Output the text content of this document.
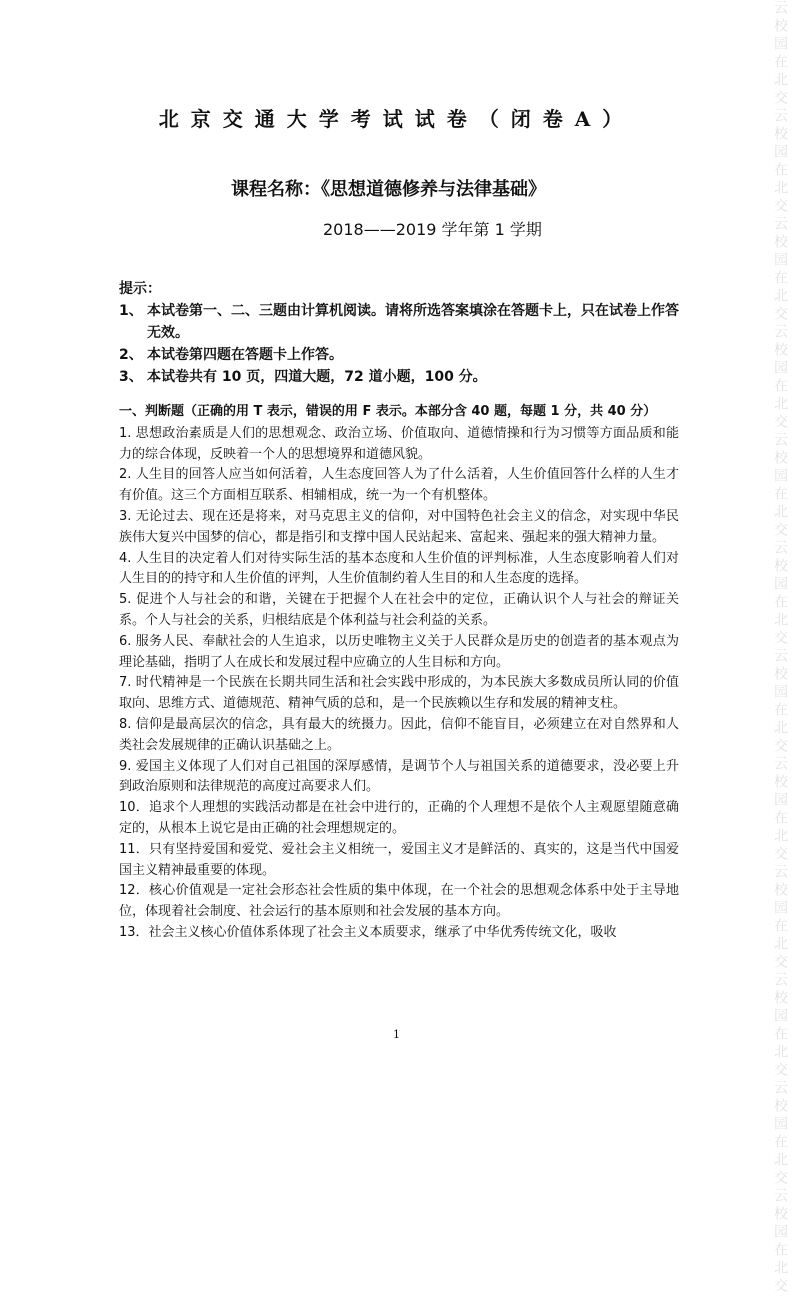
云校园在北交云校园在北交云校园在北交云校园在北交云校园在北交云校园在北交云校园在北交云校园在北交云校园在北交云校园在北交云校园在北交云校园在北交
北京交通大学考试试卷（闭卷A）
课程名称：《思想道德修养与法律基础》
2018——2019 学年第 1 学期
提示：
1、 本试卷第一、二、三题由计算机阅读。请将所选答案填涂在答题卡上，只在试卷上作答无效。
2、 本试卷第四题在答题卡上作答。
3、 本试卷共有 10 页，四道大题，72 道小题，100 分。

一、判断题（正确的用 T 表示，错误的用 F 表示。本部分含 40 题，每题 1 分，共 40 分）

1. 思想政治素质是人们的思想观念、政治立场、价值取向、道德情操和行为习惯等方面品质和能力的综合体现，反映着一个人的思想境界和道德风貌。

2. 人生目的回答人应当如何活着，人生态度回答人为了什么活着，人生价值回答什么样的人生才有价值。这三个方面相互联系、相辅相成，统一为一个有机整体。

3. 无论过去、现在还是将来，对马克思主义的信仰，对中国特色社会主义的信念，对实现中华民族伟大复兴中国梦的信心，都是指引和支撑中国人民站起来、富起来、强起来的强大精神力量。

4. 人生目的决定着人们对待实际生活的基本态度和人生价值的评判标准，人生态度影响着人们对人生目的的持守和人生价值的评判，人生价值制约着人生目的和人生态度的选择。

5. 促进个人与社会的和谐，关键在于把握个人在社会中的定位，正确认识个人与社会的辩证关系。个人与社会的关系，归根结底是个体利益与社会利益的关系。

6. 服务人民、奉献社会的人生追求，以历史唯物主义关于人民群众是历史的创造者的基本观点为理论基础，指明了人在成长和发展过程中应确立的人生目标和方向。

7. 时代精神是一个民族在长期共同生活和社会实践中形成的，为本民族大多数成员所认同的价值取向、思维方式、道德规范、精神气质的总和，是一个民族赖以生存和发展的精神支柱。

8. 信仰是最高层次的信念，具有最大的统摄力。因此，信仰不能盲目，必须建立在对自然界和人类社会发展规律的正确认识基础之上。

9. 爱国主义体现了人们对自己祖国的深厚感情，是调节个人与祖国关系的道德要求，没必要上升到政治原则和法律规范的高度过高要求人们。

10．追求个人理想的实践活动都是在社会中进行的，正确的个人理想不是依个人主观愿望随意确定的，从根本上说它是由正确的社会理想规定的。

11．只有坚持爱国和爱党、爱社会主义相统一，爱国主义才是鲜活的、真实的，这是当代中国爱国主义精神最重要的体现。

12．核心价值观是一定社会形态社会性质的集中体现，在一个社会的思想观念体系中处于主导地位，体现着社会制度、社会运行的基本原则和社会发展的基本方向。

13．社会主义核心价值体系体现了社会主义本质要求，继承了中华优秀传统文化，吸收

1
